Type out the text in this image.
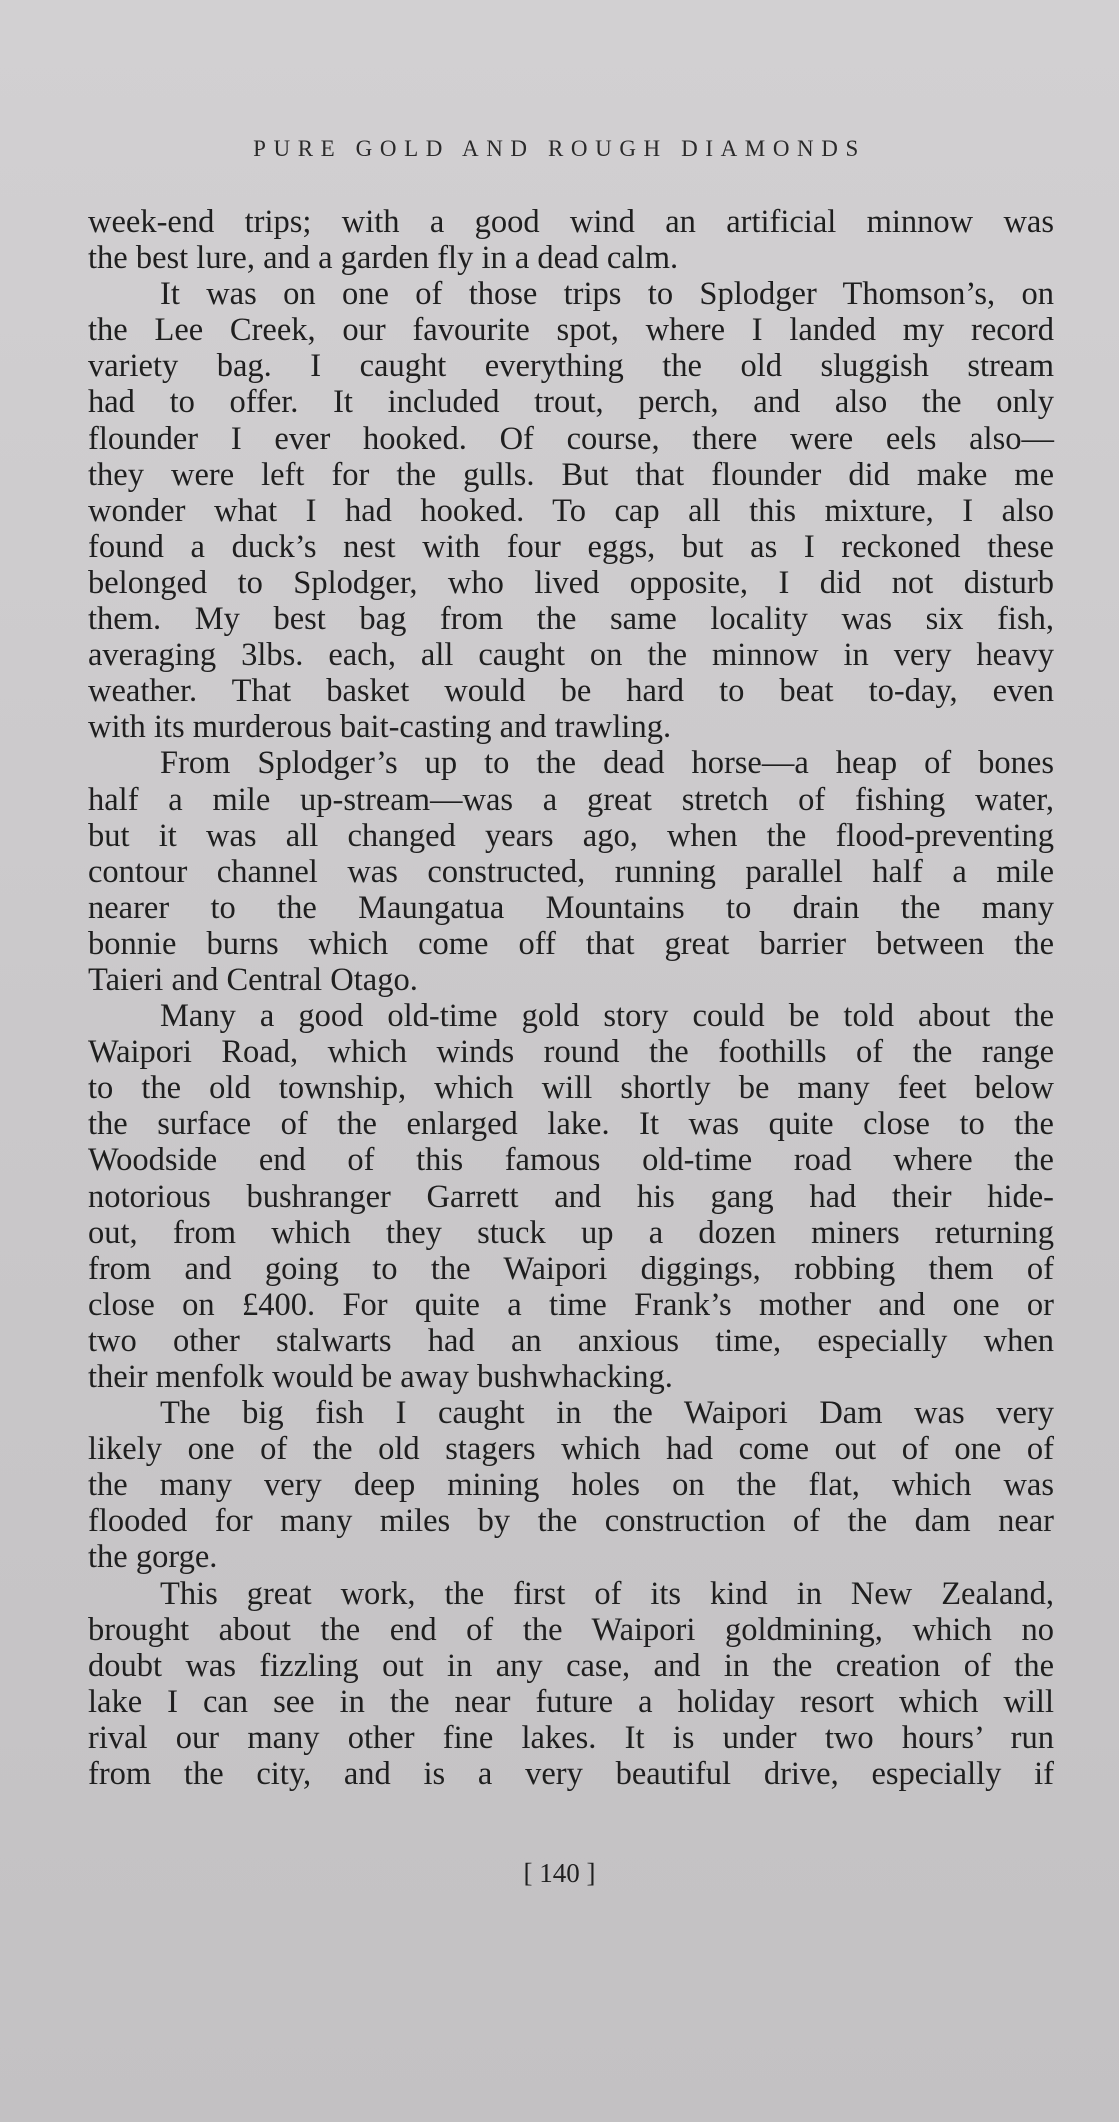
PURE GOLD AND ROUGH DIAMONDS
week-end trips; with a good wind an artificial minnow was
the best lure, and a garden fly in a dead calm.
It was on one of those trips to Splodger Thomson’s, on
the Lee Creek, our favourite spot, where I landed my record
variety bag. I caught everything the old sluggish stream
had to offer. It included trout, perch, and also the only
flounder I ever hooked. Of course, there were eels also—
they were left for the gulls. But that flounder did make me
wonder what I had hooked. To cap all this mixture, I also
found a duck’s nest with four eggs, but as I reckoned these
belonged to Splodger, who lived opposite, I did not disturb
them. My best bag from the same locality was six fish,
averaging 3lbs. each, all caught on the minnow in very heavy
weather. That basket would be hard to beat to-day, even
with its murderous bait-casting and trawling.
From Splodger’s up to the dead horse—a heap of bones
half a mile up-stream—was a great stretch of fishing water,
but it was all changed years ago, when the flood-preventing
contour channel was constructed, running parallel half a mile
nearer to the Maungatua Mountains to drain the many
bonnie burns which come off that great barrier between the
Taieri and Central Otago.
Many a good old-time gold story could be told about the
Waipori Road, which winds round the foothills of the range
to the old township, which will shortly be many feet below
the surface of the enlarged lake. It was quite close to the
Woodside end of this famous old-time road where the
notorious bushranger Garrett and his gang had their hide-
out, from which they stuck up a dozen miners returning
from and going to the Waipori diggings, robbing them of
close on £400. For quite a time Frank’s mother and one or
two other stalwarts had an anxious time, especially when
their menfolk would be away bushwhacking.
The big fish I caught in the Waipori Dam was very
likely one of the old stagers which had come out of one of
the many very deep mining holes on the flat, which was
flooded for many miles by the construction of the dam near
the gorge.
This great work, the first of its kind in New Zealand,
brought about the end of the Waipori goldmining, which no
doubt was fizzling out in any case, and in the creation of the
lake I can see in the near future a holiday resort which will
rival our many other fine lakes. It is under two hours’ run
from the city, and is a very beautiful drive, especially if
[ 140 ]
